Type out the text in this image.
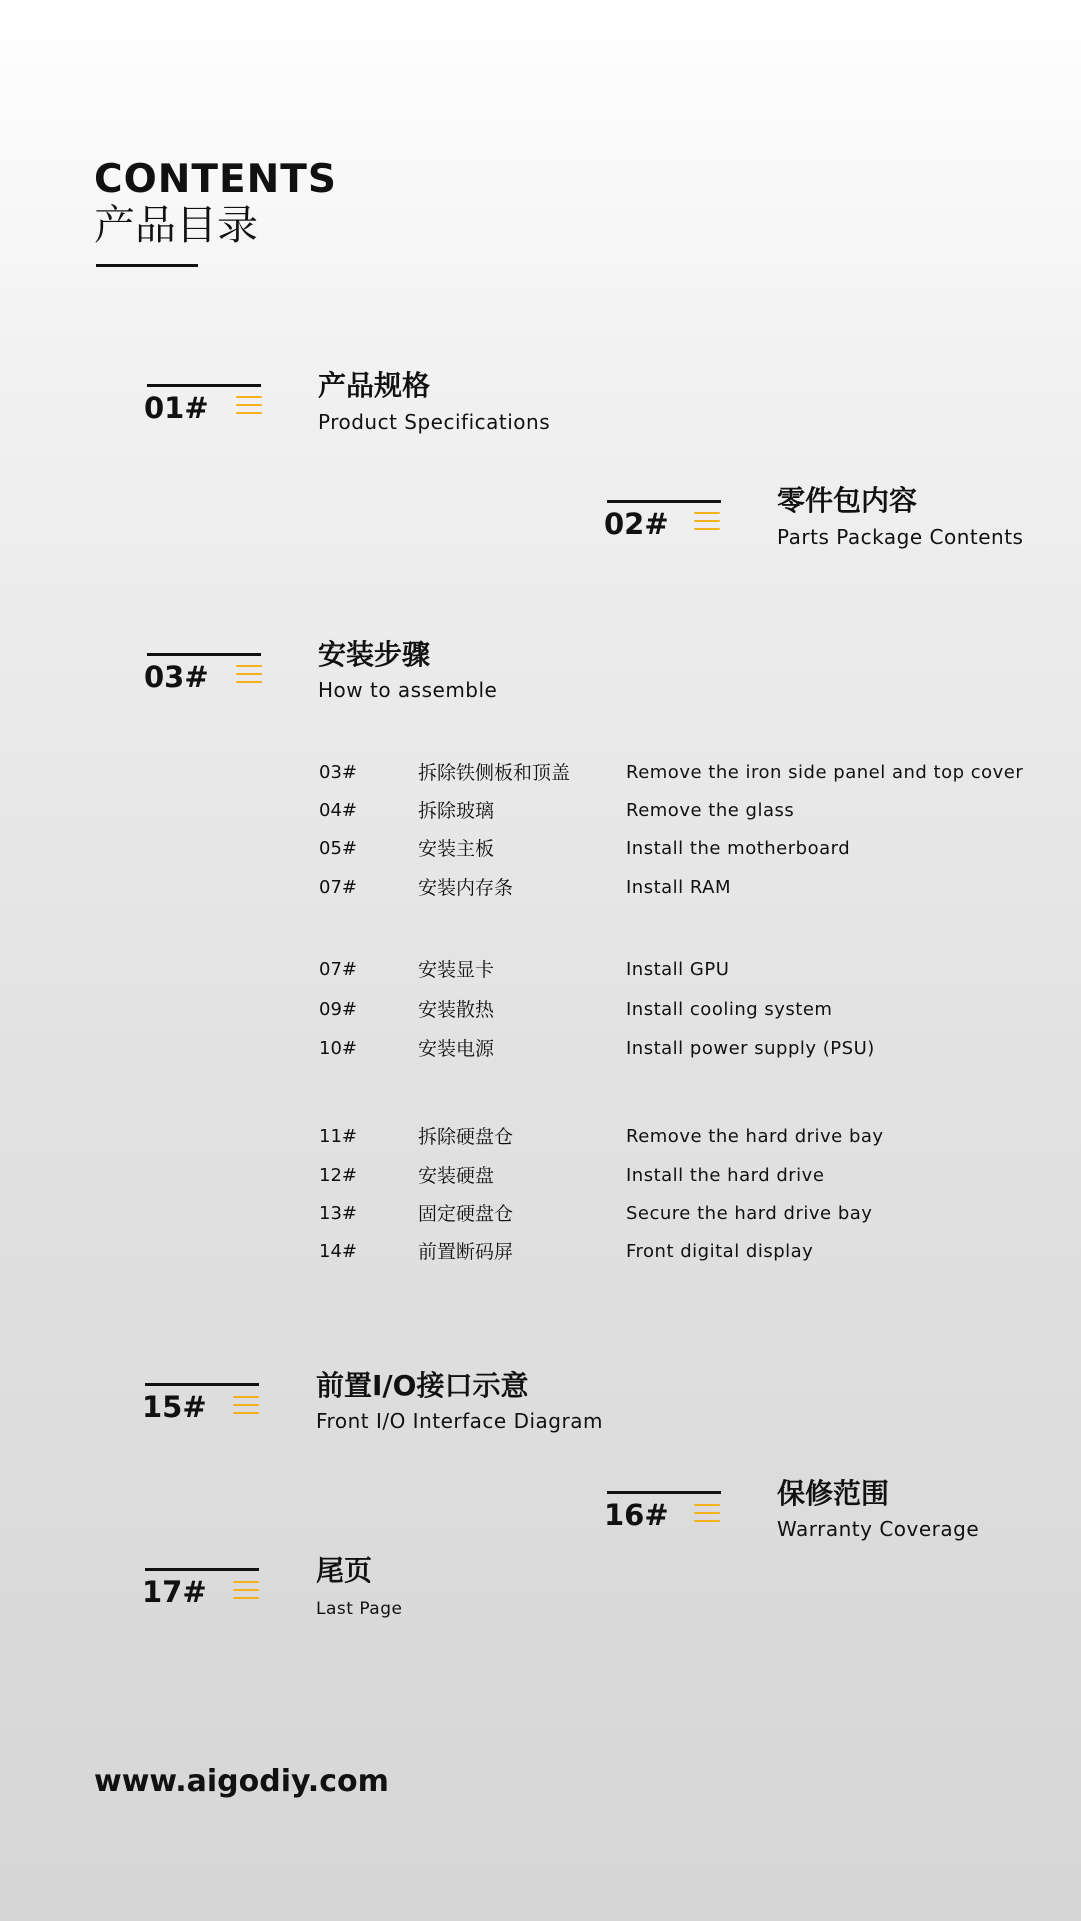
CONTENTS
产品目录
01#
产品规格
Product Specifications
02#
零件包内容
Parts Package Contents
03#
安装步骤
How to assemble
03#	拆除铁侧板和顶盖	Remove the iron side panel and top cover
04#	拆除玻璃	Remove the glass
05#	安装主板	Install the motherboard
07#	安装内存条	Install RAM
07#	安装显卡	Install GPU
09#	安装散热	Install cooling system
10#	安装电源	Install power supply (PSU)
11#	拆除硬盘仓	Remove the hard drive bay
12#	安装硬盘	Install the hard drive
13#	固定硬盘仓	Secure the hard drive bay
14#	前置断码屏	Front digital display
15#
前置I/O接口示意
Front I/O Interface Diagram
16#
保修范围
Warranty Coverage
17#
尾页
Last Page
www.aigodiy.com
